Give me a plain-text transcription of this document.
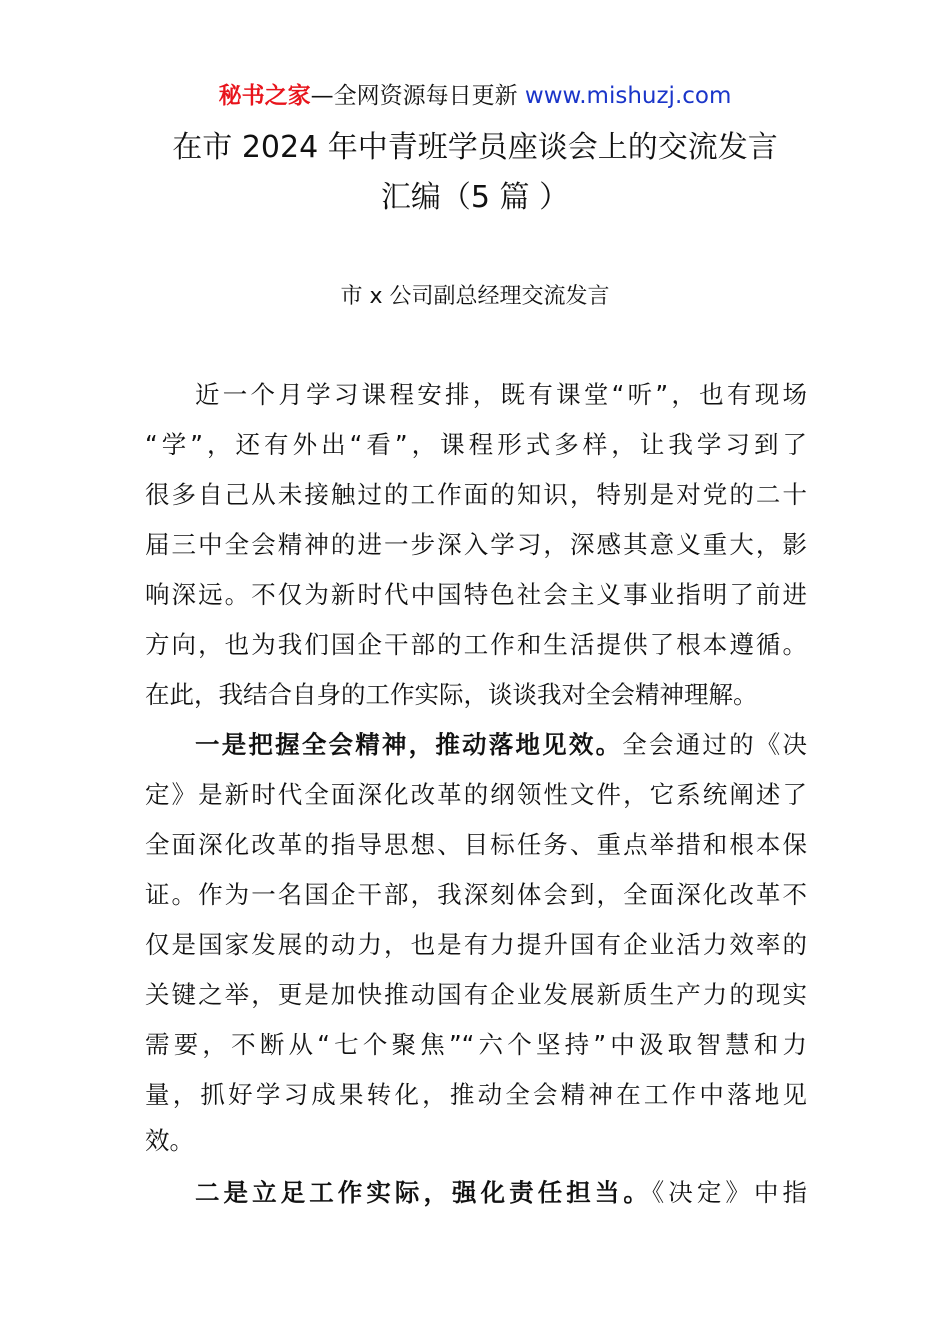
秘书之家—全网资源每日更新 www.mishuzj.com
在市 2024 年中青班学员座谈会上的交流发言
汇编（5 篇 ）
市 x 公司副总经理交流发言
近一个月学习课程安排，既有课堂“听”，也有现场
“学”，还有外出“看”，课程形式多样，让我学习到了
很多自己从未接触过的工作面的知识，特别是对党的二十
届三中全会精神的进一步深入学习，深感其意义重大，影
响深远。不仅为新时代中国特色社会主义事业指明了前进
方向，也为我们国企干部的工作和生活提供了根本遵循。
在此，我结合自身的工作实际，谈谈我对全会精神理解。
一是把握全会精神，推动落地见效。全会通过的《决
定》是新时代全面深化改革的纲领性文件，它系统阐述了
全面深化改革的指导思想、目标任务、重点举措和根本保
证。作为一名国企干部，我深刻体会到，全面深化改革不
仅是国家发展的动力，也是有力提升国有企业活力效率的
关键之举，更是加快推动国有企业发展新质生产力的现实
需要，不断从“七个聚焦”“六个坚持”中汲取智慧和力
量，抓好学习成果转化，推动全会精神在工作中落地见
效。
二是立足工作实际，强化责任担当。《决定》中指
